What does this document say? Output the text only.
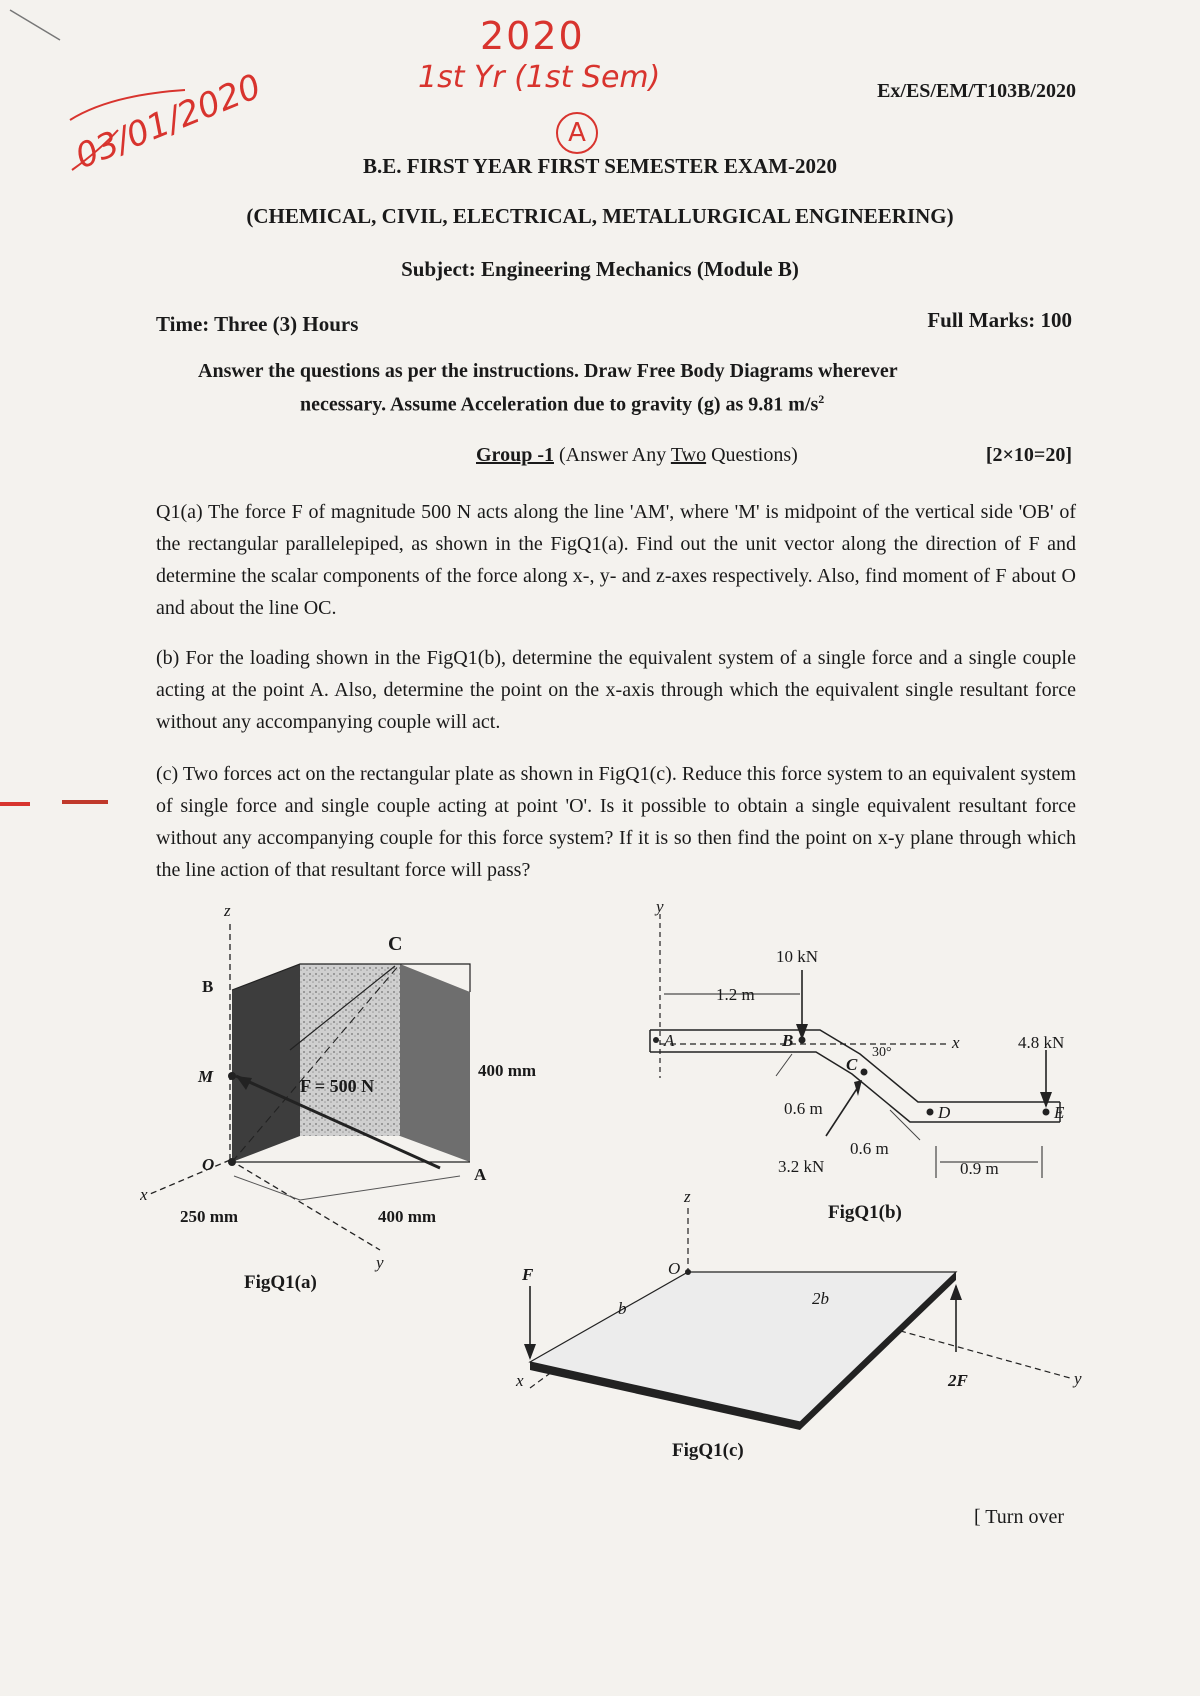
2020
1st Yr (1st Sem)
A
03/01/2020	Ex/ES/EM/T103B/2020
B.E. FIRST YEAR FIRST SEMESTER EXAM-2020
(CHEMICAL, CIVIL, ELECTRICAL, METALLURGICAL ENGINEERING)
Subject: Engineering Mechanics (Module B)
Time: Three (3) Hours	Full Marks: 100
Answer the questions as per the instructions. Draw Free Body Diagrams wherever
necessary. Assume Acceleration due to gravity (g) as 9.81 $m/s^2$
Group -1 (Answer Any Two Questions)	[2×10=20]
Q1(a) The force F of magnitude 500 N acts along the line 'AM', where 'M' is midpoint of the vertical side 'OB' of the rectangular parallelepiped, as shown in the FigQ1(a). Find out the unit vector along the direction of F and determine the scalar components of the force along x-, y- and z-axes respectively. Also, find moment of F about O and about the line OC.
(b) For the loading shown in the FigQ1(b), determine the equivalent system of a single force and a single couple acting at the point A. Also, determine the point on the x-axis through which the equivalent single resultant force without any accompanying couple will act.
(c) Two forces act on the rectangular plate as shown in FigQ1(c). Reduce this force system to an equivalent system of single force and single couple acting at point 'O'. Is it possible to obtain a single equivalent resultant force without any accompanying couple for this force system? If it is so then find the point on x-y plane through which the line action of that resultant force will pass?
z
x
y
B
C
M
O
A
F = 500 N
400 mm
250 mm	400 mm
FigQ1(a)
y
x
A	B
C
D	E
10 kN
4.8 kN
3.2 kN
1.2 m
0.6 m
0.6 m
0.9 m
30°
FigQ1(b)
z
x	y
O
F
2F
b
2b
FigQ1(c)
[ Turn over
